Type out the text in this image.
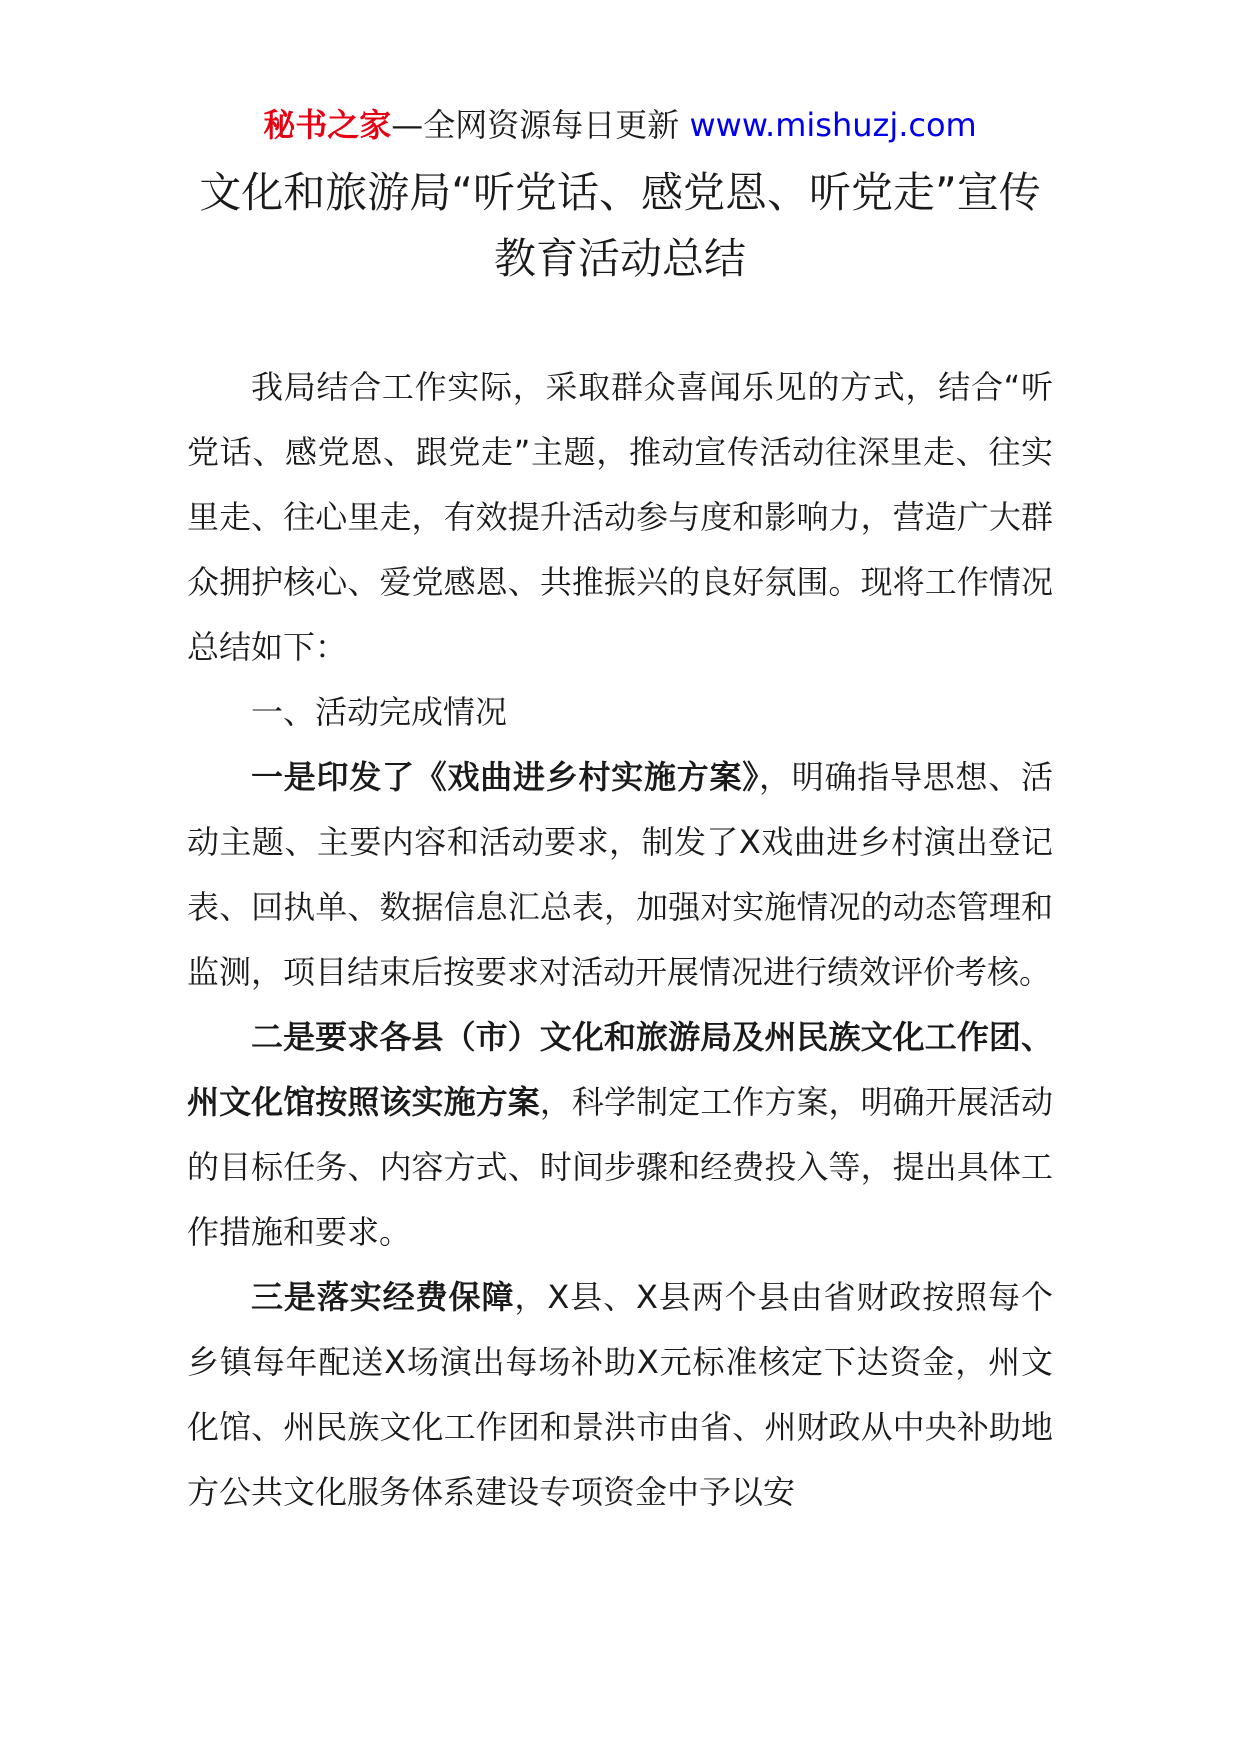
秘书之家—全网资源每日更新 www.mishuzj.com
文化和旅游局“听党话、感党恩、听党走”宣传教育活动总结

我局结合工作实际，采取群众喜闻乐见的方式，结合“听党话、感党恩、跟党走”主题，推动宣传活动往深里走、往实里走、往心里走，有效提升活动参与度和影响力，营造广大群众拥护核心、爱党感恩、共推振兴的良好氛围。现将工作情况总结如下：

一、活动完成情况

一是印发了《戏曲进乡村实施方案》，明确指导思想、活动主题、主要内容和活动要求，制发了X戏曲进乡村演出登记表、回执单、数据信息汇总表，加强对实施情况的动态管理和监测，项目结束后按要求对活动开展情况进行绩效评价考核。

二是要求各县（市）文化和旅游局及州民族文化工作团、州文化馆按照该实施方案，科学制定工作方案，明确开展活动的目标任务、内容方式、时间步骤和经费投入等，提出具体工作措施和要求。

三是落实经费保障，X县、X县两个县由省财政按照每个乡镇每年配送X场演出每场补助X元标准核定下达资金，州文化馆、州民族文化工作团和景洪市由省、州财政从中央补助地方公共文化服务体系建设专项资金中予以安
